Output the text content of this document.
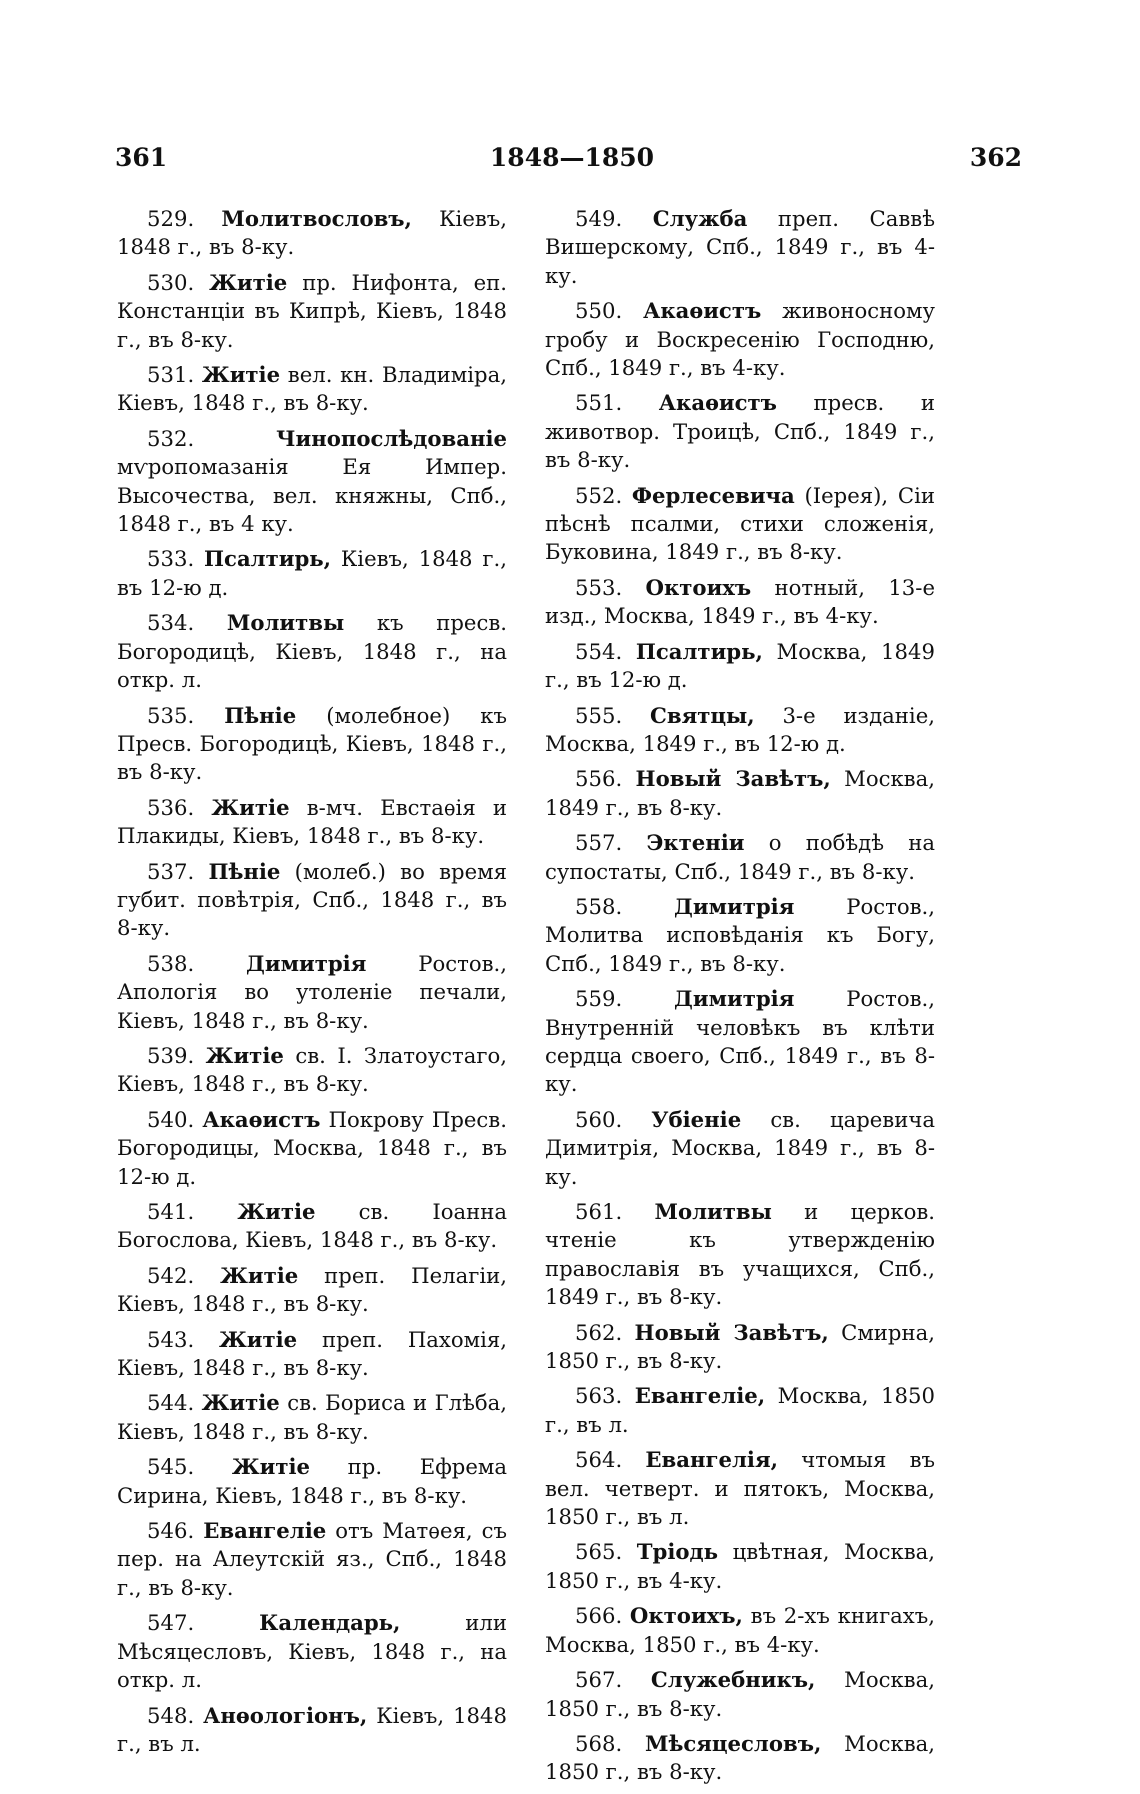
361	1848—1850	362

529. Молитвословъ, Кіевъ, 1848 г., въ 8-ку.

530. Житіе пр. Нифонта, еп. Констанціи въ Кипрѣ, Кіевъ, 1848 г., въ 8-ку.

531. Житіе вел. кн. Владиміра, Кіевъ, 1848 г., въ 8-ку.

532.	Чинопослѣдованіе мѵропомазанія Ея Импер. Высочества, вел. княжны, Спб., 1848 г., въ 4 ку.

533. Псалтирь, Кіевъ, 1848 г., въ 12-ю д.

534. Молитвы къ пресв. Богородицѣ, Кіевъ, 1848 г., на откр. л.

535. Пѣніе (молебное) къ Пресв. Богородицѣ, Кіевъ, 1848 г., въ 8-ку.

536. Житіе в-мч. Евстаѳія и Плакиды, Кіевъ, 1848 г., въ 8-ку.

537. Пѣніе (молеб.) во время губит. повѣтрія, Спб., 1848 г., въ 8-ку.

538. Димитрія Ростов., Апологія во утоленіе печали, Кіевъ, 1848 г., въ 8-ку.

539. Житіе св. І. Златоустаго, Кіевъ, 1848 г., въ 8-ку.

540. Акаѳистъ Покрову Пресв. Богородицы, Москва, 1848 г., въ 12-ю д.

541. Житіе св. Іоанна Богослова, Кіевъ, 1848 г., въ 8-ку.

542. Житіе преп. Пелагіи, Кіевъ, 1848 г., въ 8-ку.

543. Житіе преп. Пахомія, Кіевъ, 1848 г., въ 8-ку.

544. Житіе св. Бориса и Глѣба, Кіевъ, 1848 г., въ 8-ку.

545. Житіе пр. Ефрема Сирина, Кіевъ, 1848 г., въ 8-ку.

546. Евангеліе отъ Матѳея, съ пер. на Алеутскій яз., Спб., 1848 г., въ 8-ку.

547.	Календарь,	или Мѣсяцесловъ, Кіевъ, 1848 г., на откр. л.

548. Анѳологіонъ, Кіевъ, 1848 г., въ л.

549. Служба преп. Саввѣ Вишерскому, Спб., 1849 г., въ 4-ку.

550. Акаѳистъ живоносному гробу и Воскресенію Господню, Спб., 1849 г., въ 4-ку.

551. Акаѳистъ пресв. и животвор. Троицѣ, Спб., 1849 г., въ 8-ку.

552. Ферлесевича (Іерея), Сіи пѣснѣ псалми, стихи сложенія, Буковина, 1849 г., въ 8-ку.

553. Октоихъ нотный, 13-е изд., Москва, 1849 г., въ 4-ку.

554. Псалтирь, Москва, 1849 г., въ 12-ю д.

555. Святцы, 3-е изданіе, Москва, 1849 г., въ 12-ю д.

556. Новый Завѣтъ, Москва, 1849 г., въ 8-ку.

557. Эктеніи о побѣдѣ на супостаты, Спб., 1849 г., въ 8-ку.

558. Димитрія Ростов., Молитва исповѣданія къ Богу, Спб., 1849 г., въ 8-ку.

559. Димитрія Ростов., Внутренній человѣкъ въ клѣти сердца своего, Спб., 1849 г., въ 8-ку.

560. Убіеніе св. царевича Димитрія, Москва, 1849 г., въ 8-ку.

561. Молитвы и церков. чтеніе къ утвержденію православія въ учащихся, Спб., 1849 г., въ 8-ку.

562. Новый Завѣтъ, Смирна, 1850 г., въ 8-ку.

563. Евангеліе, Москва, 1850 г., въ л.

564. Евангелія, чтомыя въ вел. четверт. и пятокъ, Москва, 1850 г., въ л.

565. Тріодь цвѣтная, Москва, 1850 г., въ 4-ку.

566. Октоихъ, въ 2-хъ книгахъ, Москва, 1850 г., въ 4-ку.

567. Служебникъ, Москва, 1850 г., въ 8-ку.

568. Мѣсяцесловъ, Москва, 1850 г., въ 8-ку.
